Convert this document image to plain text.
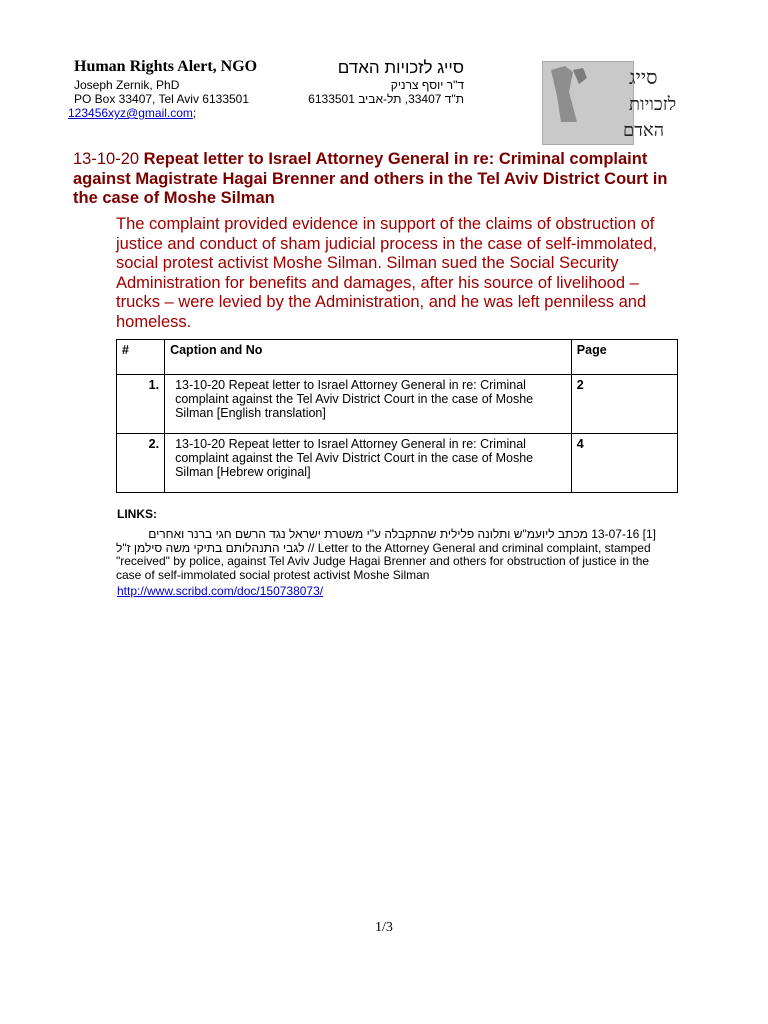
Human Rights Alert, NGO	סייג לזכויות האדם
Joseph Zernik, PhD	ד"ר יוסף צרניק
PO Box 33407, Tel Aviv 6133501	ת"ד 33407, תל-אביב 6133501
123456xyz@gmail.com;
סייג
לזכויות
האדם
13-10-20 Repeat letter to Israel Attorney General in re: Criminal complaint against Magistrate Hagai Brenner and others in the Tel Aviv District Court in the case of Moshe Silman
The complaint provided evidence in support of the claims of obstruction of justice and conduct of sham judicial process in the case of self-immolated, social protest activist Moshe Silman. Silman sued the Social Security Administration for benefits and damages, after his source of livelihood – trucks – were levied by the Administration, and he was left penniless and homeless.
#	Caption and No	Page
1.	13-10-20 Repeat letter to Israel Attorney General in re: Criminal complaint against the Tel Aviv District Court in the case of Moshe Silman [English translation]	2
2.	13-10-20 Repeat letter to Israel Attorney General in re: Criminal complaint against the Tel Aviv District Court in the case of Moshe Silman [Hebrew original]	4
LINKS:
[1] 13-07-16 מכתב ליועמ"ש ותלונה פלילית שהתקבלה ע"י משטרת ישראל נגד הרשם חגי ברנר ואחרים
לגבי התנהלותם בתיקי משה סילמן ז"ל // Letter to the Attorney General and criminal complaint, stamped "received" by police, against Tel Aviv Judge Hagai Brenner and others for obstruction of justice in the case of self-immolated social protest activist Moshe Silman
http://www.scribd.com/doc/150738073/
1/3
